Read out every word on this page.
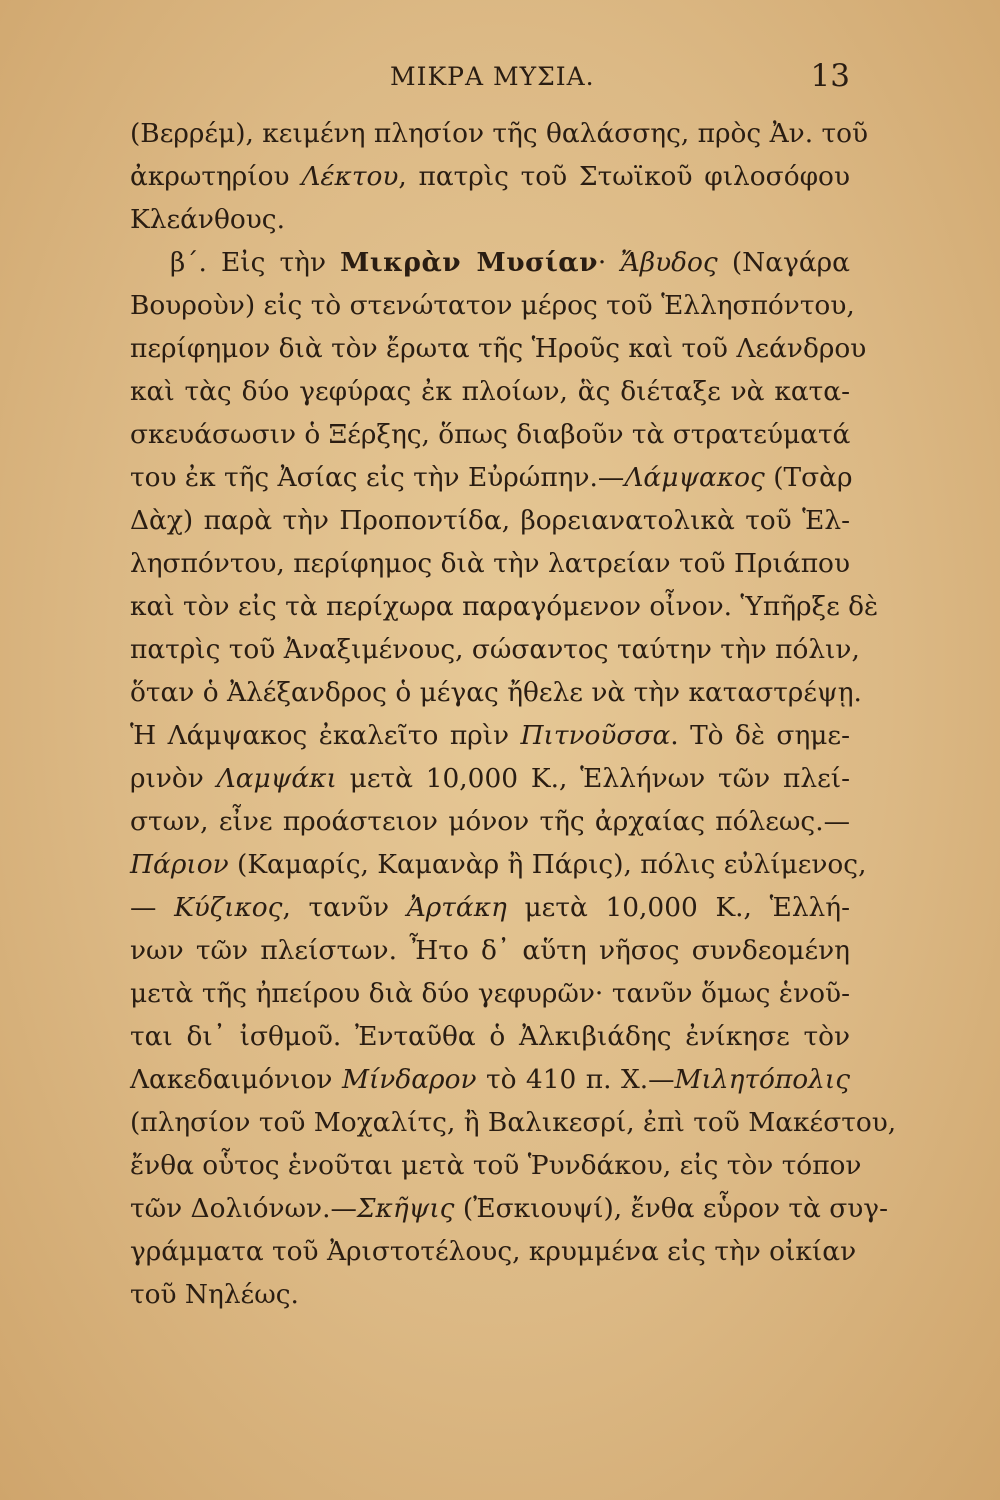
ΜΙΚΡΑ ΜΥΣΙΑ.	13
(Βερρέμ), κειμένη πλησίον τῆς θαλάσσης, πρὸς Ἀν. τοῦ
ἀκρωτηρίου Λέκτου, πατρὶς τοῦ Στωϊκοῦ φιλοσόφου
Κλεάνθους.
β΄. Εἰς τὴν Μικρὰν Μυσίαν· Ἄβυδος (Ναγάρα
Βουροὺν) εἰς τὸ στενώτατον μέρος τοῦ Ἑλλησπόντου,
περίφημον διὰ τὸν ἔρωτα τῆς Ἡροῦς καὶ τοῦ Λεάνδρου
καὶ τὰς δύο γεφύρας ἐκ πλοίων, ἃς διέταξε νὰ κατα-
σκευάσωσιν ὁ Ξέρξης, ὅπως διαβοῦν τὰ στρατεύματά
του ἐκ τῆς Ἀσίας εἰς τὴν Εὐρώπην.—Λάμψακος (Τσὰρ
Δὰχ) παρὰ τὴν Προποντίδα, βορειανατολικὰ τοῦ Ἑλ-
λησπόντου, περίφημος διὰ τὴν λατρείαν τοῦ Πριάπου
καὶ τὸν εἰς τὰ περίχωρα παραγόμενον οἶνον. Ὑπῆρξε δὲ
πατρὶς τοῦ Ἀναξιμένους, σώσαντος ταύτην τὴν πόλιν,
ὅταν ὁ Ἀλέξανδρος ὁ μέγας ἤθελε νὰ τὴν καταστρέψῃ.
Ἡ Λάμψακος ἐκαλεῖτο πρὶν Πιτνοῦσσα. Τὸ δὲ σημε-
ρινὸν Λαμψάκι μετὰ 10,000 Κ., Ἑλλήνων τῶν πλεί-
στων, εἶνε προάστειον μόνον τῆς ἀρχαίας πόλεως.—
Πάριον (Καμαρίς, Καμανὰρ ἢ Πάρις), πόλις εὐλίμενος,
— Κύζικος, τανῦν Ἀρτάκη μετὰ 10,000 Κ., Ἑλλή-
νων τῶν πλείστων. Ἦτο δ᾽ αὕτη νῆσος συνδεομένη
μετὰ τῆς ἠπείρου διὰ δύο γεφυρῶν· τανῦν ὅμως ἑνοῦ-
ται δι᾽ ἰσθμοῦ. Ἐνταῦθα ὁ Ἀλκιβιάδης ἐνίκησε τὸν
Λακεδαιμόνιον Μίνδαρον τὸ 410 π. Χ.—Μιλητόπολις
(πλησίον τοῦ Μοχαλίτς, ἢ Βαλικεσρί, ἐπὶ τοῦ Μακέστου,
ἔνθα οὗτος ἑνοῦται μετὰ τοῦ Ῥυνδάκου, εἰς τὸν τόπον
τῶν Δολιόνων.—Σκῆψις (Ἐσκιουψί), ἔνθα εὗρον τὰ συγ-
γράμματα τοῦ Ἀριστοτέλους, κρυμμένα εἰς τὴν οἰκίαν
τοῦ Νηλέως.
